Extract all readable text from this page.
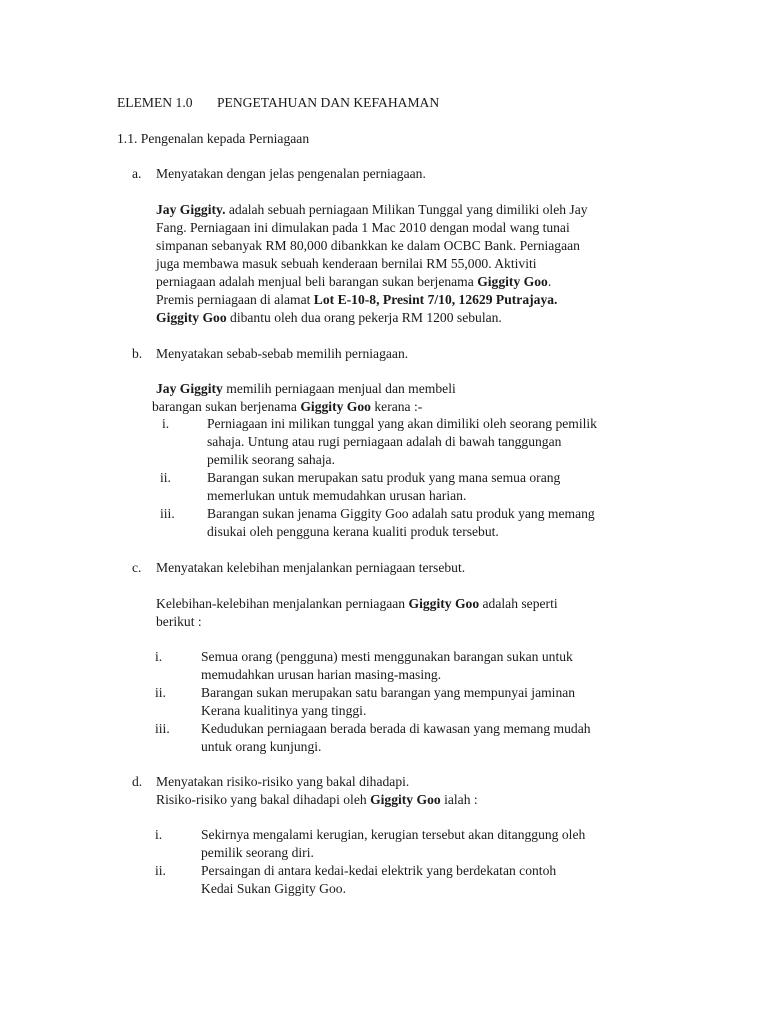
ELEMEN 1.0 PENGETAHUAN DAN KEFAHAMAN
1.1. Pengenalan kepada Perniagaan
a. Menyatakan dengan jelas pengenalan perniagaan.
Jay Giggity. adalah sebuah perniagaan Milikan Tunggal yang dimiliki oleh Jay
Fang. Perniagaan ini dimulakan pada 1 Mac 2010 dengan modal wang tunai
simpanan sebanyak RM 80,000 dibankkan ke dalam OCBC Bank. Perniagaan
juga membawa masuk sebuah kenderaan bernilai RM 55,000. Aktiviti
perniagaan adalah menjual beli barangan sukan berjenama Giggity Goo.
Premis perniagaan di alamat Lot E-10-8, Presint 7/10, 12629 Putrajaya.
Giggity Goo dibantu oleh dua orang pekerja RM 1200 sebulan.
b. Menyatakan sebab-sebab memilih perniagaan.
Jay Giggity memilih perniagaan menjual dan membeli
barangan sukan berjenama Giggity Goo kerana :-
i.	Perniagaan ini milikan tunggal yang akan dimiliki oleh seorang pemilik
sahaja. Untung atau rugi perniagaan adalah di bawah tanggungan
pemilik seorang sahaja.
ii.	Barangan sukan merupakan satu produk yang mana semua orang
memerlukan untuk memudahkan urusan harian.
iii. Barangan sukan jenama Giggity Goo adalah satu produk yang memang
disukai oleh pengguna kerana kualiti produk tersebut.
c. Menyatakan kelebihan menjalankan perniagaan tersebut.
Kelebihan-kelebihan menjalankan perniagaan Giggity Goo adalah seperti
berikut :
i.	Semua orang (pengguna) mesti menggunakan barangan sukan untuk
memudahkan urusan harian masing-masing.
ii.	Barangan sukan merupakan satu barangan yang mempunyai jaminan
Kerana kualitinya yang tinggi.
iii. Kedudukan perniagaan berada berada di kawasan yang memang mudah
untuk orang kunjungi.
d. Menyatakan risiko-risiko yang bakal dihadapi.
Risiko-risiko yang bakal dihadapi oleh Giggity Goo ialah :
i.	Sekirnya mengalami kerugian, kerugian tersebut akan ditanggung oleh
pemilik seorang diri.
ii.	Persaingan di antara kedai-kedai elektrik yang berdekatan contoh
Kedai Sukan Giggity Goo.
